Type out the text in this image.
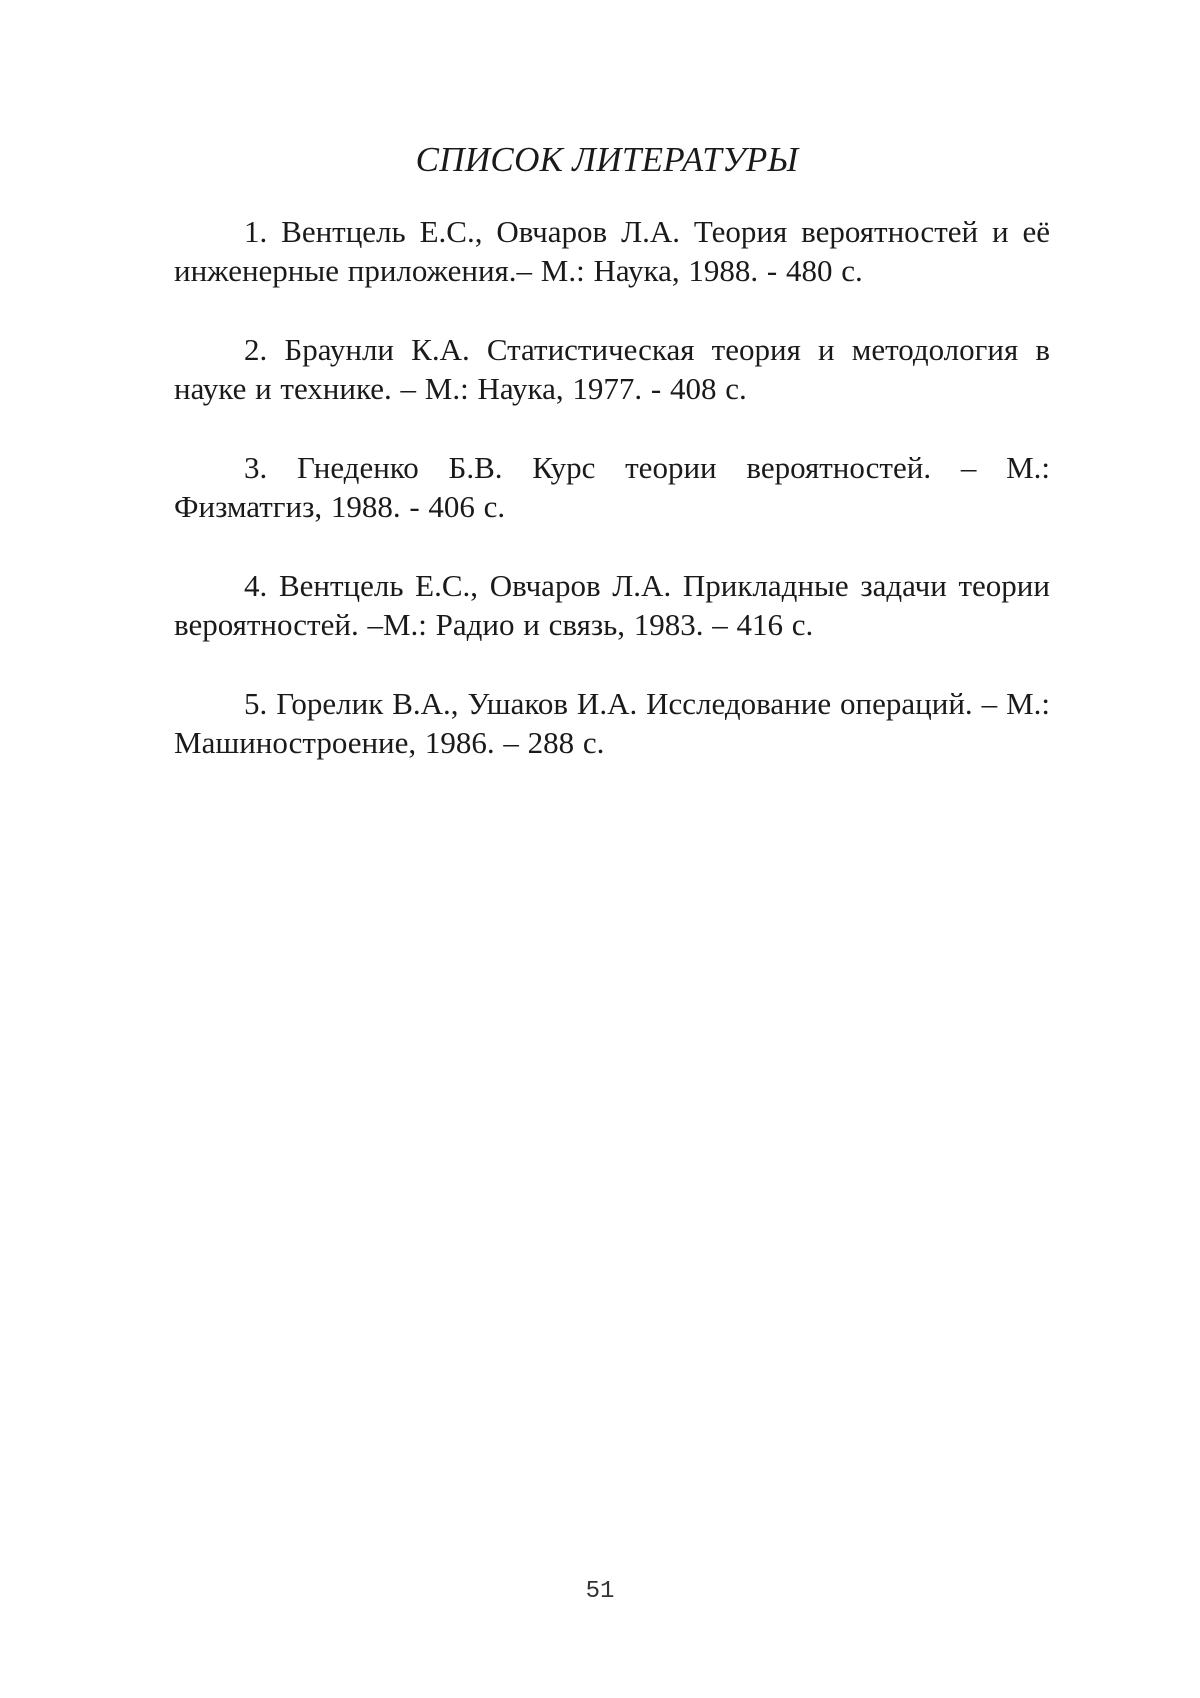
СПИСОК ЛИТЕРАТУРЫ
1. Вентцель Е.С., Овчаров Л.А. Теория вероятностей и её инженерные приложения.– М.: Наука, 1988. - 480 с.
2. Браунли К.А. Статистическая теория и методология в науке и технике. – М.: Наука, 1977. - 408 с.
3. Гнеденко Б.В. Курс теории вероятностей. – М.: Физматгиз, 1988. - 406 с.
4. Вентцель Е.С., Овчаров Л.А. Прикладные задачи теории вероятностей. –М.: Радио и связь, 1983. – 416 с.
5. Горелик В.А., Ушаков И.А. Исследование операций. – М.: Машиностроение, 1986. – 288 с.
51
